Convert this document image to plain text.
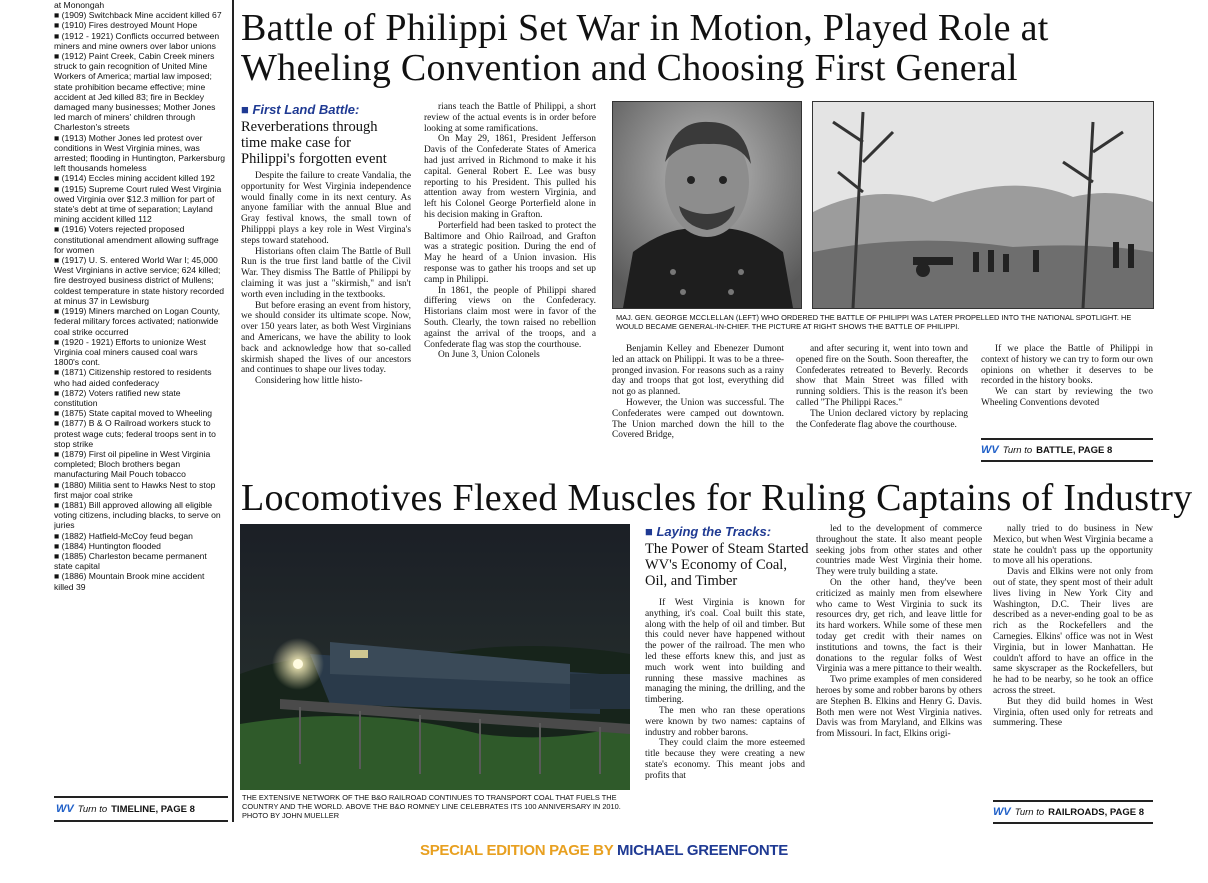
at Monongah

■ (1909) Switchback Mine accident killed 67

■ (1910) Fires destroyed Mount Hope

■ (1912 - 1921) Conflicts occurred between miners and mine owners over labor unions

■ (1912) Paint Creek, Cabin Creek miners struck to gain recognition of United Mine Workers of America; martial law imposed; state prohibition became effective; mine accident at Jed killed 83; fire in Beckley damaged many businesses; Mother Jones led march of miners' children through Charleston's streets

■ (1913) Mother Jones led protest over conditions in West Virginia mines, was arrested; flooding in Huntington, Parkersburg left thousands homeless

■ (1914) Eccles mining accident killed 192

■ (1915) Supreme Court ruled West Virginia owed Virginia over $12.3 million for part of state's debt at time of separation; Layland mining accident killed 112

■ (1916) Voters rejected proposed constitutional amendment allowing suffrage for women

■ (1917) U. S. entered World War I; 45,000 West Virginians in active service; 624 killed; fire destroyed business district of Mullens; coldest temperature in state history recorded at minus 37 in Lewisburg

■ (1919) Miners marched on Logan County, federal military forces activated; nationwide coal strike occurred

■ (1920 - 1921) Efforts to unionize West Virginia coal miners caused coal wars

1800's cont.

■ (1871) Citizenship restored to residents who had aided confederacy

■ (1872) Voters ratified new state constitution

■ (1875) State capital moved to Wheeling

■ (1877) B & O Railroad workers stuck to protest wage cuts; federal troops sent in to stop strike

■ (1879) First oil pipeline in West Virginia completed; Bloch brothers began manufacturing Mail Pouch tobacco

■ (1880) Militia sent to Hawks Nest to stop first major coal strike

■ (1881) Bill approved allowing all eligible voting citizens, including blacks, to serve on juries

■ (1882) Hatfield-McCoy feud began

■ (1884) Huntington flooded

■ (1885) Charleston became permanent state capital

■ (1886) Mountain Brook mine accident killed 39

WV Turn to TIMELINE, PAGE 8
Battle of Philippi Set War in Motion, Played Role at
Wheeling Convention and Choosing First General
■ First Land Battle:
Reverberations through time make case for Philippi's forgotten event

Despite the failure to create Vandalia, the opportunity for West Virginia independence would finally come in its next century. As anyone familiar with the annual Blue and Gray festival knows, the small town of Philipppi plays a key role in West Virgina's steps toward statehood.

Historians often claim The Battle of Bull Run is the true first land battle of the Civil War. They dismiss The Battle of Philippi by claiming it was just a "skirmish," and isn't worth even including in the textbooks.

But before erasing an event from history, we should consider its ultimate scope. Now, over 150 years later, as both West Virginians and Americans, we have the ability to look back and acknowledge how that so-called skirmish shaped the lives of our ancestors and continues to shape our lives today.

Considering how little histo-

rians teach the Battle of Philippi, a short review of the actual events is in order before looking at some ramifications.

On May 29, 1861, President Jefferson Davis of the Confederate States of America had just arrived in Richmond to make it his capital. General Robert E. Lee was busy reporting to his President. This pulled his attention away from western Virginia, and left his Colonel George Porterfield alone in his decision making in Grafton.

Porterfield had been tasked to protect the Baltimore and Ohio Railroad, and Grafton was a strategic position. During the end of May he heard of a Union invasion. His response was to gather his troops and set up camp in Philippi.

In 1861, the people of Philippi shared differing views on the Confederacy. Historians claim most were in favor of the South. Clearly, the town raised no rebellion against the arrival of the troops, and a Confederate flag was stop the courthouse.

On June 3, Union Colonels

MAJ. GEN. GEORGE MCCLELLAN (LEFT) WHO ORDERED THE BATTLE OF PHILIPPI WAS LATER PROPELLED INTO THE NATIONAL SPOTLIGHT. HE WOULD BECAME GENERAL-IN-CHIEF. THE PICTURE AT RIGHT SHOWS THE BATTLE OF PHILIPPI.

Benjamin Kelley and Ebenezer Dumont led an attack on Philippi. It was to be a three-pronged invasion. For reasons such as a rainy day and troops that got lost, everything did not go as planned.

However, the Union was successful. The Confederates were camped out downtown. The Union marched down the hill to the Covered Bridge,

and after securing it, went into town and opened fire on the South. Soon thereafter, the Confederates retreated to Beverly. Records show that Main Street was filled with running soldiers. This is the reason it's been called "The Philippi Races."

The Union declared victory by replacing the Confederate flag above the courthouse.

If we place the Battle of Philippi in context of history we can try to form our own opinions on whether it deserves to be recorded in the history books.

We can start by reviewing the two Wheeling Conventions devoted

WV Turn to BATTLE, PAGE 8
Locomotives Flexed Muscles for Ruling Captains of Industry
THE EXTENSIVE NETWORK OF THE B&O RAILROAD CONTINUES TO TRANSPORT COAL THAT FUELS THE COUNTRY AND THE WORLD. ABOVE THE B&O ROMNEY LINE CELEBRATES ITS 100 ANNIVERSARY IN 2010. PHOTO BY JOHN MUELLER
■ Laying the Tracks:
The Power of Steam Started WV's Economy of Coal, Oil, and Timber

If West Virginia is known for anything, it's coal. Coal built this state, along with the help of oil and timber. But this could never have happened without the power of the railroad. The men who led these efforts knew this, and just as much work went into building and running these massive machines as managing the mining, the drilling, and the timbering.

The men who ran these operations were known by two names: captains of industry and robber barons.

They could claim the more esteemed title because they were creating a new state's economy. This meant jobs and profits that

led to the development of commerce throughout the state. It also meant people seeking jobs from other states and other countries made West Virginia their home. They were truly building a state.

On the other hand, they've been criticized as mainly men from elsewhere who came to West Virginia to suck its resources dry, get rich, and leave little for its hard workers. While some of these men today get credit with their names on institutions and towns, the fact is their donations to the regular folks of West Virginia was a mere pittance to their wealth.

Two prime examples of men considered heroes by some and robber barons by others are Stephen B. Elkins and Henry G. Davis. Both men were not West Virginia natives. Davis was from Maryland, and Elkins was from Missouri. In fact, Elkins origi-

nally tried to do business in New Mexico, but when West Virginia became a state he couldn't pass up the opportunity to move all his operations.

Davis and Elkins were not only from out of state, they spent most of their adult lives living in New York City and Washington, D.C. Their lives are described as a never-ending goal to be as rich as the Rockefellers and the Carnegies. Elkins' office was not in West Virginia, but in lower Manhattan. He couldn't afford to have an office in the same skyscraper as the Rockefellers, but he had to be nearby, so he took an office across the street.

But they did build homes in West Virginia, often used only for retreats and summering. These

WV Turn to RAILROADS, PAGE 8
SPECIAL EDITION PAGE BY MICHAEL GREENFONTE
